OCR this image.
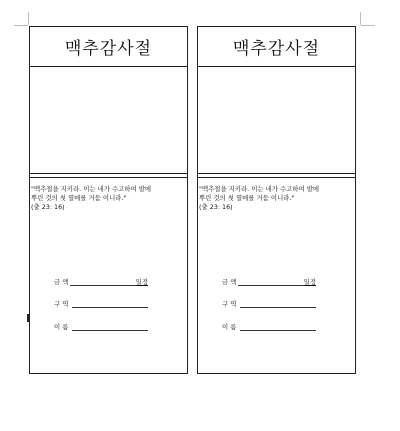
맥추감사절
"맥추절을 지키라. 이는 네가 수고하여 밭에
뿌린 것의 첫 열매를 거둠 이니라."
(출 23: 16)
금 액	일정
구 역
이 름
맥추감사절
"맥추절을 지키라. 이는 네가 수고하여 밭에
뿌린 것의 첫 열매를 거둠 이니라."
(출 23: 16)
금 액	일정
구 역
이 름
